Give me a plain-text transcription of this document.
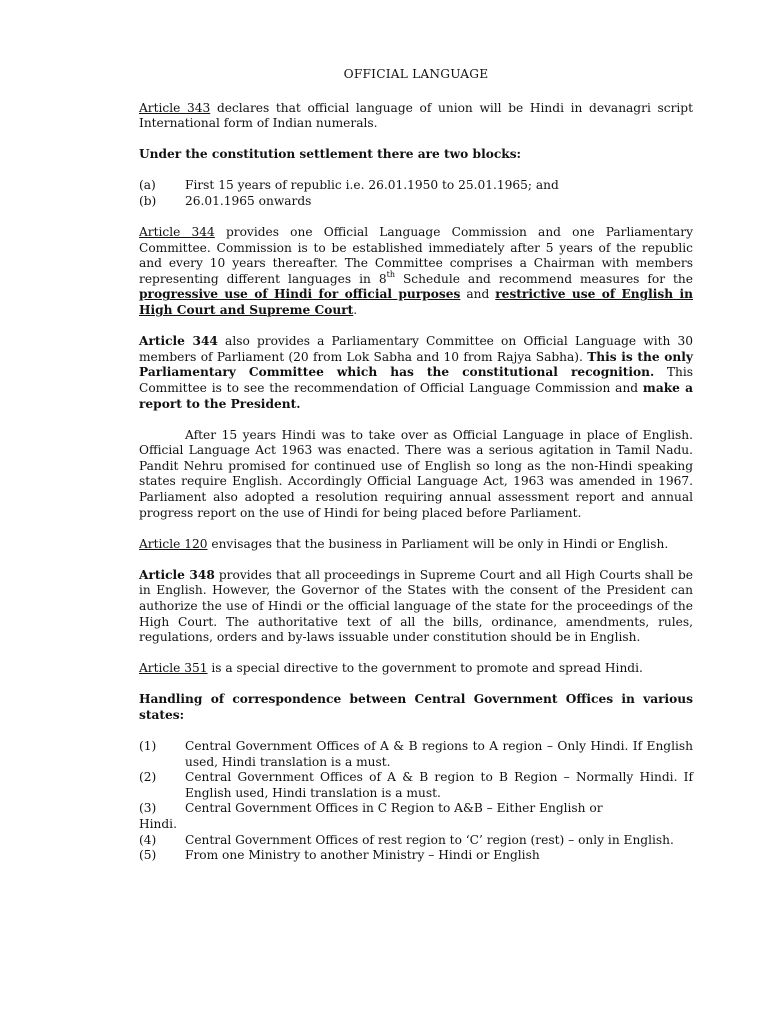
OFFICIAL LANGUAGE

Article 343 declares that official language of union will be Hindi in devanagri script International form of Indian numerals.

Under the constitution settlement there are two blocks:

(a)	First 15 years of republic i.e. 26.01.1950 to 25.01.1965; and
(b)	26.01.1965 onwards

Article 344 provides one Official Language Commission and one Parliamentary Committee. Commission is to be established immediately after 5 years of the republic and every 10 years thereafter. The Committee comprises a Chairman with members representing different languages in 8th Schedule and recommend measures for the progressive use of Hindi for official purposes and restrictive use of English in High Court and Supreme Court.

Article 344 also provides a Parliamentary Committee on Official Language with 30 members of Parliament (20 from Lok Sabha and 10 from Rajya Sabha). This is the only Parliamentary Committee which has the constitutional recognition. This Committee is to see the recommendation of Official Language Commission and make a report to the President.

After 15 years Hindi was to take over as Official Language in place of English. Official Language Act 1963 was enacted. There was a serious agitation in Tamil Nadu. Pandit Nehru promised for continued use of English so long as the non-Hindi speaking states require English. Accordingly Official Language Act, 1963 was amended in 1967. Parliament also adopted a resolution requiring annual assessment report and annual progress report on the use of Hindi for being placed before Parliament.

Article 120 envisages that the business in Parliament will be only in Hindi or English.

Article 348 provides that all proceedings in Supreme Court and all High Courts shall be in English. However, the Governor of the States with the consent of the President can authorize the use of Hindi or the official language of the state for the proceedings of the High Court. The authoritative text of all the bills, ordinance, amendments, rules, regulations, orders and by-laws issuable under constitution should be in English.

Article 351 is a special directive to the government to promote and spread Hindi.

Handling of correspondence between Central Government Offices in various states:

(1)	Central Government Offices of A & B regions to A region – Only Hindi. If English used, Hindi translation is a must.
(2)	Central Government Offices of A & B region to B Region – Normally Hindi. If English used, Hindi translation is a must.
(3)	Central Government Offices in C Region to A&B – Either English or

Hindi.

(4)	Central Government Offices of rest region to ‘C’ region (rest) – only in English.
(5)	From one Ministry to another Ministry – Hindi or English
